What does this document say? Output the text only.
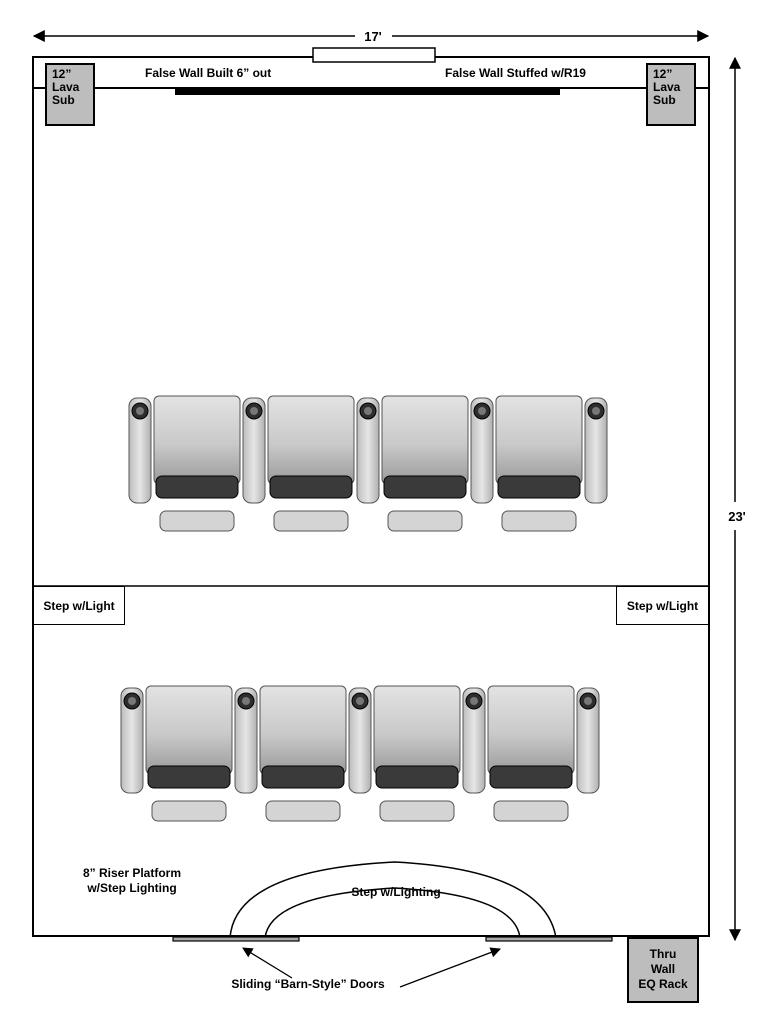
17'
23'
False Wall Built 6” out	False Wall Stuffed w/R19
Step w/Lighting
Sliding “Barn-Style” Doors
12”
Lava
Sub
12”
Lava
Sub
Step w/Light	Step w/Light
8” Riser Platform
w/Step Lighting
Thru
Wall
EQ Rack
